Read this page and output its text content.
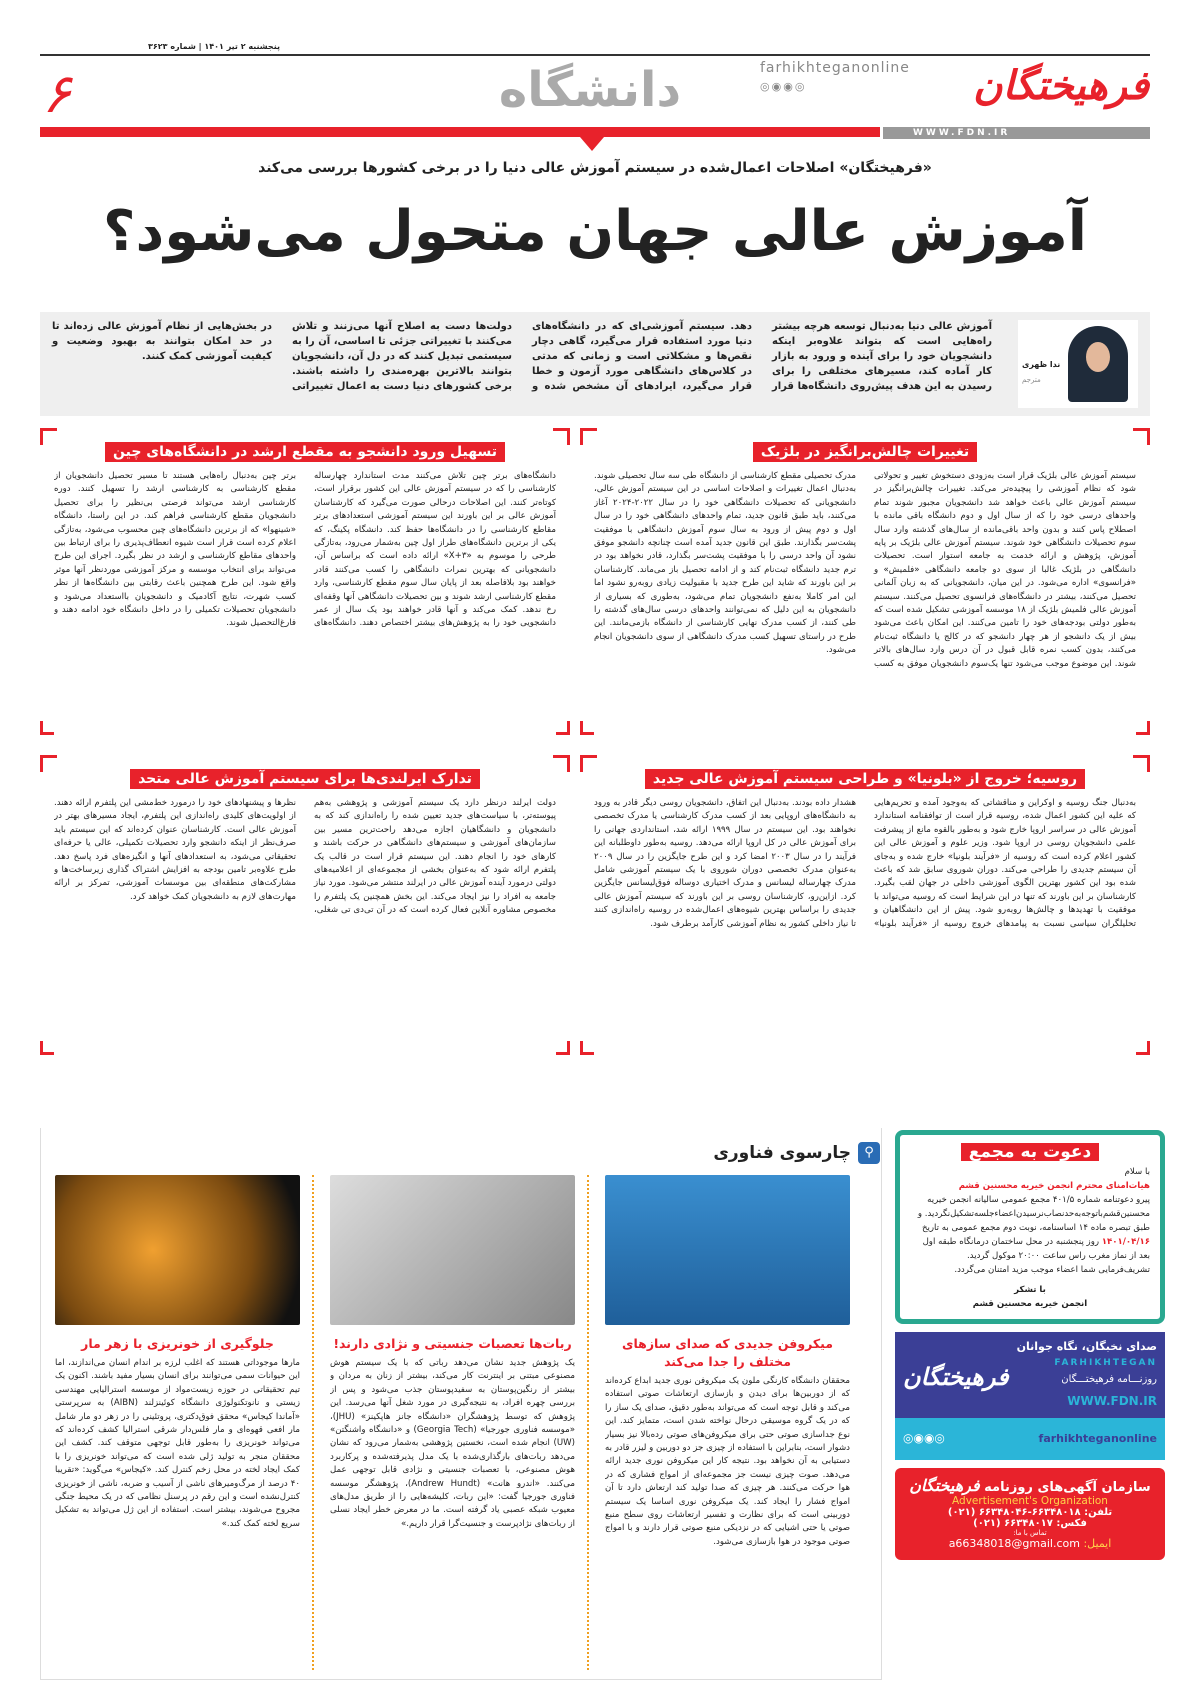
پنجشنبه ۲ تیر ۱۴۰۱ | شماره ۳۶۲۳
۶	دانشگاه	farhikhteganonline
◎◉◉◎	فرهیختگان
WWW.FDN.IR
«فرهیختگان» اصلاحات اعمال‌شده در سیستم آموزش عالی دنیا را در برخی کشورها بررسی می‌کند
آموزش عالی جهان متحول می‌شود؟
آموزش عالی دنیا به‌دنبال توسعه هرچه بیشتر راه‌هایی است که بتواند علاوه‌بر اینکه دانشجویان خود را برای آینده و ورود به بازار کار آماده کند، مسیرهای مختلفی را برای رسیدن به این هدف پیش‌روی دانشگاه‌ها قرار دهد. سیستم آموزشی‌ای که در دانشگاه‌های دنیا مورد استفاده قرار می‌گیرد، گاهی دچار نقص‌ها و مشکلاتی است و زمانی که مدتی در کلاس‌های دانشگاهی مورد آزمون و خطا قرار می‌گیرد، ایرادهای آن مشخص شده و دولت‌ها دست به اصلاح آنها می‌زنند و تلاش می‌کنند با تغییراتی جزئی تا اساسی، آن را به سیستمی تبدیل کنند که در دل آن، دانشجویان بتوانند بالاترین بهره‌مندی را داشته باشند. برخی کشورهای دنیا دست به اعمال تغییراتی در بخش‌هایی از نظام آموزش عالی زده‌اند تا در حد امکان بتوانند به بهبود وضعیت و کیفیت آموزشی کمک کنند.
ندا ظهری
مترجم
تغییرات چالش‌برانگیز در بلژیک
سیستم آموزش عالی بلژیک قرار است به‌زودی دستخوش تغییر و تحولاتی شود که نظام آموزشی را پیچیده‌تر می‌کند. تغییرات چالش‌برانگیز در سیستم آموزش عالی باعث خواهد شد دانشجویان مجبور شوند تمام واحدهای درسی خود را که از سال اول و دوم دانشگاه باقی مانده با اصطلاح پاس کنند و بدون واحد باقی‌مانده از سال‌های گذشته وارد سال سوم تحصیلات دانشگاهی خود شوند. سیستم آموزش عالی بلژیک بر پایه آموزش، پژوهش و ارائه خدمت به جامعه استوار است. تحصیلات دانشگاهی در بلژیک غالبا از سوی دو جامعه دانشگاهی «فلمیش» و «فرانسوی» اداره می‌شود. در این میان، دانشجویانی که به زبان آلمانی تحصیل می‌کنند، بیشتر در دانشگاه‌های فرانسوی تحصیل می‌کنند. سیستم آموزش عالی فلمیش بلژیک از ۱۸ موسسه آموزشی تشکیل شده است که به‌طور دولتی بودجه‌های خود را تامین می‌کنند. این امکان باعث می‌شود بیش از یک دانشجو از هر چهار دانشجو که در کالج یا دانشگاه ثبت‌نام می‌کنند، بدون کسب نمره قابل قبول در آن درس وارد سال‌های بالاتر شوند. این موضوع موجب می‌شود تنها یک‌سوم دانشجویان موفق به کسب مدرک تحصیلی مقطع کارشناسی از دانشگاه طی سه سال تحصیلی شوند. به‌دنبال اعمال تغییرات و اصلاحات اساسی در این سیستم آموزش عالی، دانشجویانی که تحصیلات دانشگاهی خود را در سال ۲۰۲۲-۲۰۲۴ آغاز می‌کنند، باید طبق قانون جدید، تمام واحدهای دانشگاهی خود را در سال اول و دوم پیش از ورود به سال سوم آموزش دانشگاهی با موفقیت پشت‌سر بگذارند. طبق این قانون جدید آمده است چنانچه دانشجو موفق نشود آن واحد درسی را با موفقیت پشت‌سر بگذارد، قادر نخواهد بود در ترم جدید دانشگاه ثبت‌نام کند و از ادامه تحصیل باز می‌ماند. کارشناسان بر این باورند که شاید این طرح جدید با مقبولیت زیادی روبه‌رو نشود اما این امر کاملا به‌نفع دانشجویان تمام می‌شود، به‌طوری که بسیاری از دانشجویان به این دلیل که نمی‌توانند واحدهای درسی سال‌های گذشته را طی کنند، از کسب مدرک نهایی کارشناسی از دانشگاه بازمی‌مانند. این طرح در راستای تسهیل کسب مدرک دانشگاهی از سوی دانشجویان انجام می‌شود.
تسهیل ورود دانشجو به مقطع ارشد در دانشگاه‌های چین
دانشگاه‌های برتر چین تلاش می‌کنند مدت استاندارد چهارساله کارشناسی را که در سیستم آموزش عالی این کشور برقرار است، کوتاه‌تر کنند. این اصلاحات درحالی صورت می‌گیرد که کارشناسان آموزش عالی بر این باورند این سیستم آموزشی استعدادهای برتر مقاطع کارشناسی را در دانشگاه‌ها حفظ کند. دانشگاه پکینگ، که یکی از برترین دانشگاه‌های طراز اول چین به‌شمار می‌رود، به‌تازگی طرحی را موسوم به «۳+X» ارائه داده است که براساس آن، دانشجویانی که بهترین نمرات دانشگاهی را کسب می‌کنند قادر خواهند بود بلافاصله بعد از پایان سال سوم مقطع کارشناسی، وارد مقطع کارشناسی ارشد شوند و بین تحصیلات دانشگاهی آنها وقفه‌ای رخ ندهد. کمک می‌کند و آنها قادر خواهند بود یک سال از عمر دانشجویی خود را به پژوهش‌های بیشتر اختصاص دهند. دانشگاه‌های برتر چین به‌دنبال راه‌هایی هستند تا مسیر تحصیل دانشجویان از مقطع کارشناسی به کارشناسی ارشد را تسهیل کنند. دوره کارشناسی ارشد می‌تواند فرصتی بی‌نظیر را برای تحصیل دانشجویان مقطع کارشناسی فراهم کند. در این راستا، دانشگاه «شینهوا» که از برترین دانشگاه‌های چین محسوب می‌شود، به‌تازگی اعلام کرده است قرار است شیوه انعطاف‌پذیری را برای ارتباط بین واحدهای مقاطع کارشناسی و ارشد در نظر بگیرد. اجرای این طرح می‌تواند برای انتخاب موسسه و مرکز آموزشی موردنظر آنها موثر واقع شود. این طرح همچنین باعث رقابتی بین دانشگاه‌ها از نظر کسب شهرت، نتایج آکادمیک و دانشجویان بااستعداد می‌شود و دانشجویان تحصیلات تکمیلی را در داخل دانشگاه خود ادامه دهند و فارغ‌التحصیل شوند.
روسیه؛ خروج از «بلونیا» و طراحی سیستم آموزش عالی جدید
به‌دنبال جنگ روسیه و اوکراین و مناقشاتی که به‌وجود آمده و تحریم‌هایی که علیه این کشور اعمال شده، روسیه قرار است از توافقنامه استاندارد آموزش عالی در سراسر اروپا خارج شود و به‌طور بالقوه مانع از پیشرفت علمی دانشجویان روسی در اروپا شود. وزیر علوم و آموزش عالی این کشور اعلام کرده است که روسیه از «فرآیند بلونیا» خارج شده و به‌جای آن سیستم جدیدی را طراحی می‌کند. دوران شوروی سابق شد که باعث شده بود این کشور بهترین الگوی آموزشی داخلی در جهان لقب بگیرد. کارشناسان بر این باورند که تنها در این شرایط است که روسیه می‌تواند با موفقیت با تهدیدها و چالش‌ها روبه‌رو شود. پیش از این دانشگاهیان و تحلیلگران سیاسی نسبت به پیامدهای خروج روسیه از «فرآیند بلونیا» هشدار داده بودند. به‌دنبال این اتفاق، دانشجویان روسی دیگر قادر به ورود به دانشگاه‌های اروپایی بعد از کسب مدرک کارشناسی یا مدرک تخصصی نخواهند بود. این سیستم در سال ۱۹۹۹ ارائه شد، استانداردی جهانی را برای آموزش عالی در کل اروپا ارائه می‌دهد. روسیه به‌طور داوطلبانه این فرآیند را در سال ۲۰۰۳ امضا کرد و این طرح جایگزین را در سال ۲۰۰۹ به‌عنوان مدرک تخصصی دوران شوروی با یک سیستم آموزشی شامل مدرک چهارساله لیسانس و مدرک اختیاری دوساله فوق‌لیسانس جایگزین کرد. ازاین‌رو، کارشناسان روسی بر این باورند که سیستم آموزش عالی جدیدی را براساس بهترین شیوه‌های اعمال‌شده در روسیه راه‌اندازی کنند تا نیاز داخلی کشور به نظام آموزشی کارآمد برطرف شود.
تدارک ایرلندی‌ها برای سیستم آموزش عالی متحد
دولت ایرلند درنظر دارد یک سیستم آموزشی و پژوهشی به‌هم پیوسته‌تر، با سیاست‌های جدید تعیین شده را راه‌اندازی کند که به دانشجویان و دانشگاهیان اجازه می‌دهد راحت‌ترین مسیر بین سازمان‌های آموزشی و سیستم‌های دانشگاهی در حرکت باشند و کارهای خود را انجام دهند. این سیستم قرار است در قالب یک پلتفرم ارائه شود که به‌عنوان بخشی از مجموعه‌ای از اعلامیه‌های دولتی درمورد آینده آموزش عالی در ایرلند منتشر می‌شود. مورد نیاز جامعه به افراد را نیز ایجاد می‌کند. این بخش همچنین یک پلتفرم را مخصوص مشاوره آنلاین فعال کرده است که در آن تی‌دی تی شغلی، نظرها و پیشنهادهای خود را درمورد خط‌مشی این پلتفرم ارائه دهند. از اولویت‌های کلیدی راه‌اندازی این پلتفرم، ایجاد مسیرهای بهتر در آموزش عالی است. کارشناسان عنوان کرده‌اند که این سیستم باید صرف‌نظر از اینکه دانشجو وارد تحصیلات تکمیلی، عالی یا حرفه‌ای تحقیقاتی می‌شود، به استعدادهای آنها و انگیزه‌های فرد پاسخ دهد. طرح علاوه‌بر تامین بودجه به افزایش اشتراک گذاری زیرساخت‌ها و مشارکت‌های منطقه‌ای بین موسسات آموزشی، تمرکز بر ارائه مهارت‌های لازم به دانشجویان کمک خواهد کرد.
⚲
چارسوی فناوری
میکروفن جدیدی که صدای سازهای مختلف را جدا می‌کند

محققان دانشگاه کارنگی ملون یک میکروفن نوری جدید ابداع کرده‌اند که از دوربین‌ها برای دیدن و بازسازی ارتعاشات صوتی استفاده می‌کند و قابل توجه است که می‌تواند به‌طور دقیق، صدای یک ساز را که در یک گروه موسیقی درحال نواخته شدن است، متمایز کند. این نوع جداسازی صوتی حتی برای میکروفن‌های صوتی رده‌بالا نیز بسیار دشوار است، بنابراین با استفاده از چیزی جز دو دوربین و لیزر قادر به دستیابی به آن نخواهد بود. نتیجه کار این میکروفن نوری جدید ارائه می‌دهد. صوت چیزی نیست جز مجموعه‌ای از امواج فشاری که در هوا حرکت می‌کنند. هر چیزی که صدا تولید کند ارتعاش دارد تا آن امواج فشار را ایجاد کند. یک میکروفن نوری اساسا یک سیستم دوربینی است که برای نظارت و تفسیر ارتعاشات روی سطح منبع صوتی یا حتی اشیایی که در نزدیکی منبع صوتی قرار دارند و با امواج صوتی موجود در هوا بازسازی می‌شود.

ربات‌ها تعصبات جنسیتی و نژادی دارند!

یک پژوهش جدید نشان می‌دهد رباتی که با یک سیستم هوش مصنوعی مبتنی بر اینترنت کار می‌کند، بیشتر از زنان به مردان و بیشتر از رنگین‌پوستان به سفیدپوستان جذب می‌شود و پس از بررسی چهره افراد، به نتیجه‌گیری در مورد شغل آنها می‌رسد. این پژوهش که توسط پژوهشگران «دانشگاه جانز هاپکینز» (JHU)، «موسسه فناوری جورجیا» (Georgia Tech) و «دانشگاه واشنگتن» (UW) انجام شده است، نخستین پژوهشی به‌شمار می‌رود که نشان می‌دهد ربات‌های بارگذاری‌شده با یک مدل پذیرفته‌شده و پرکاربرد هوش مصنوعی، با تعصبات جنسیتی و نژادی قابل توجهی عمل می‌کنند. «اندرو هانت» (Andrew Hundt)، پژوهشگر موسسه فناوری جورجیا گفت: «این ربات، کلیشه‌هایی را از طریق مدل‌های معیوب شبکه عصبی یاد گرفته است. ما در معرض خطر ایجاد نسلی از ربات‌های نژادپرست و جنسیت‌گرا قرار داریم.»

جلوگیری از خونریزی با زهر مار

مارها موجوداتی هستند که اغلب لرزه بر اندام انسان می‌اندازند، اما این حیوانات سمی می‌توانند برای انسان بسیار مفید باشند. اکنون یک تیم تحقیقاتی در حوزه زیست‌مواد از موسسه استرالیایی مهندسی زیستی و نانوتکنولوژی دانشگاه کوئینزلند (AIBN) به سرپرستی «آماندا کیجاس» محقق فوق‌دکتری، پروتئینی را در زهر دو مار شامل مار افعی قهوه‌ای و مار فلس‌دار شرقی استرالیا کشف کرده‌اند که می‌تواند خونریزی را به‌طور قابل توجهی متوقف کند. کشف این محققان منجر به تولید ژلی شده است که می‌تواند خونریزی را با کمک ایجاد لخته در محل زخم کنترل کند. «کیجاس» می‌گوید: «تقریبا ۴۰ درصد از مرگ‌ومیرهای ناشی از آسیب و ضربه، ناشی از خونریزی کنترل‌نشده است و این رقم در پرسنل نظامی که در یک محیط جنگی مجروح می‌شوند، بیشتر است. استفاده از این ژل می‌تواند به تشکیل سریع لخته کمک کند.»

دعوت به مجمع
با سلام
هیات‌امنای محترم انجمن خیریه محسنین قشم
پیرو دعوتنامه شماره ۴۰۱/۵ مجمع عمومی سالیانه انجمن خیریه محسنین‌قشم‌باتوجه‌به‌حدنصاب‌نرسیدن‌اعضاء‌جلسه‌تشکیل‌نگردید. و طبق تبصره ماده ۱۴ اساسنامه، نوبت دوم مجمع عمومی به تاریخ ۱۴۰۱/۰۴/۱۶ روز پنجشنبه در محل ساختمان درمانگاه طبقه اول بعد از نماز مغرب راس ساعت ۲۰:۰۰ موکول گردید.
تشریف‌فرمایی شما اعضاء موجب مزید امتنان می‌گردد.
با تشکر
انجمن خیریه محسنین قشم
فرهیختگان
صدای نخبگان، نگاه جوانان
FARHIKHTEGAN
روزنـــامه فرهیختـــگان
WWW.FDN.IR
farhikhteganonline
◎◉◉◎
سازمان آگهی‌های روزنامه فرهیختگان
Advertisement's Organization
تلفن: ۶۶۳۴۸۰۱۸-۶۶۳۴۸۰۴۶ (۰۲۱)
فکس: ۶۶۳۴۸۰۱۷ (۰۲۱)
تماس با ما:
ایمیل: a66348018@gmail.com
